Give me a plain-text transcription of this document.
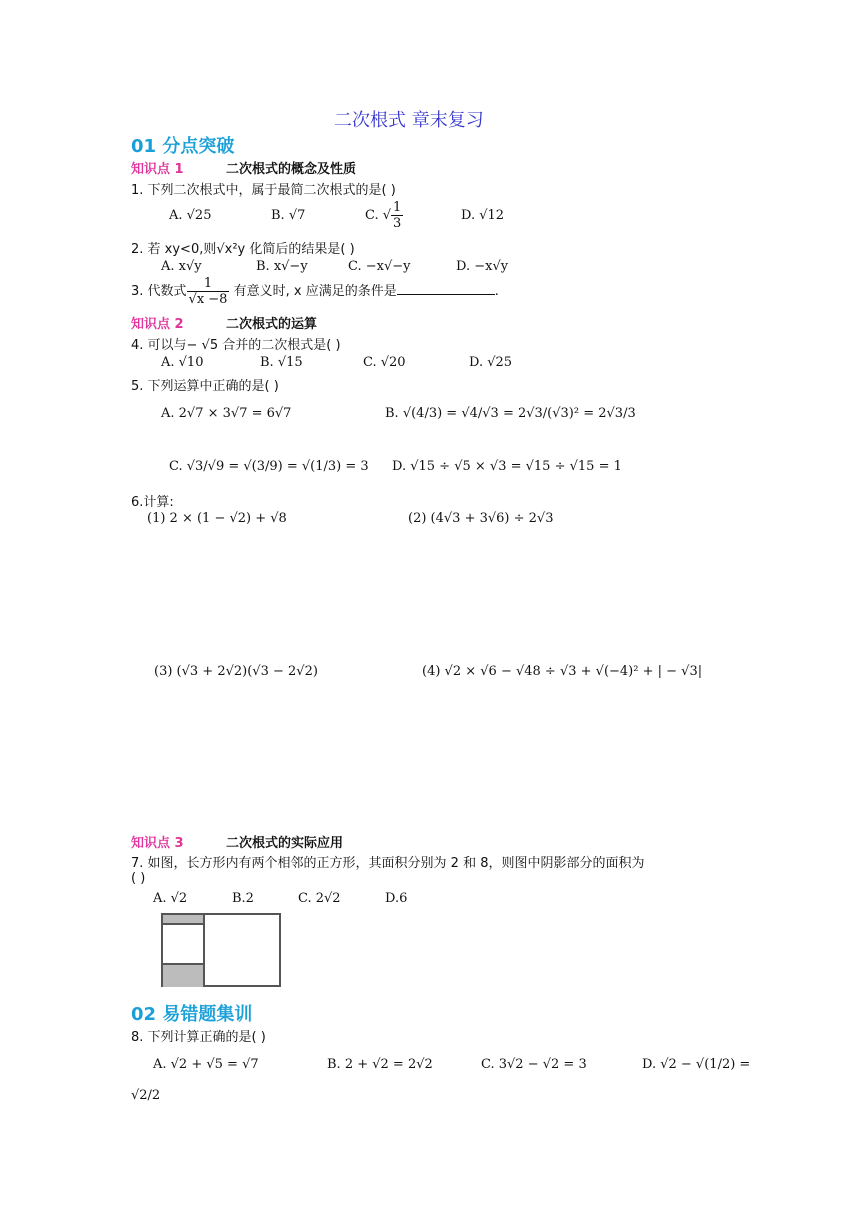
二次根式 章末复习
01 分点突破
知识点 1	二次根式的概念及性质
1. 下列二次根式中，属于最简二次根式的是( )
A. √25	B. √7	C. √ $\frac{1}{3}$	D. √12
2. 若 xy<0,则√x²y 化简后的结果是( )
A. x√y	B. x√−y	C. −x√−y	D. −x√y
3. 代数式 $\frac{1}{√x -8}$ 有意义时, x 应满足的条件是	.
知识点 2	二次根式的运算
4. 可以与− √5 合并的二次根式是( )
A. √10	B. √15	C. √20	D. √25
5. 下列运算中正确的是( )
A. 2√7 × 3√7 = 6√7	B. √(4/3) = √4/√3 = 2√3/(√3)² = 2√3/3
C. √3/√9 = √(3/9) = √(1/3) = 3 D. √15 ÷ √5 × √3 = √15 ÷ √15 = 1
6.计算:
(1) 2 × (1 − √2) + √8	(2) (4√3 + 3√6) ÷ 2√3
(3) (√3 + 2√2)(√3 − 2√2)	(4) √2 × √6 − √48 ÷ √3 + √(−4)² + | − √3|
知识点 3	二次根式的实际应用
7. 如图，长方形内有两个相邻的正方形，其面积分别为 2 和 8，则图中阴影部分的面积为
( )
A. √2	B.2	C. 2√2	D.6
02 易错题集训
8. 下列计算正确的是( )
A. √2 + √5 = √7	B. 2 + √2 = 2√2	C. 3√2 − √2 = 3	D. √2 − √(1/2) =
√2/2
